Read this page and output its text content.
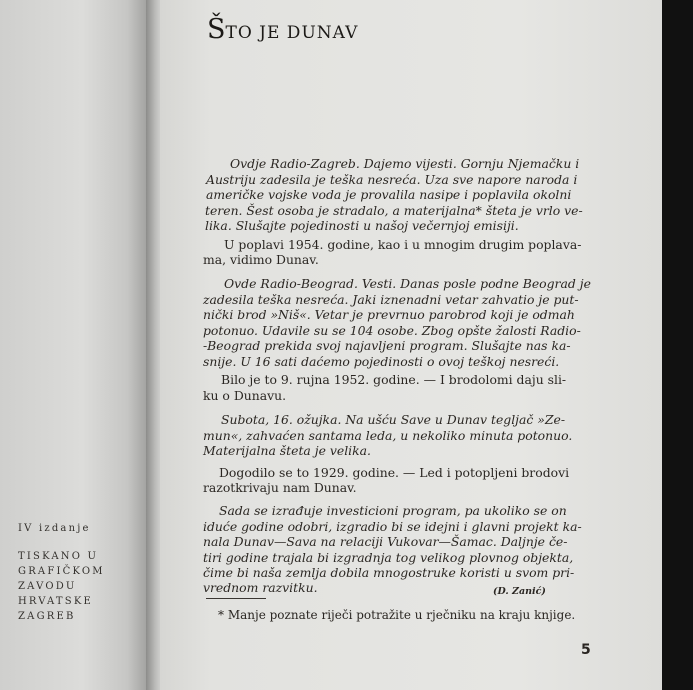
IV izdanje
TISKANO U
GRAFIČKOM
ZAVODU
HRVATSKE
ZAGREB
ŠTO JE DUNAV
Ovdje Radio-Zagreb. Dajemo vijesti. Gornju Njemačku i
Austriju zadesila je teška nesreća. Uza sve napore naroda i
američke vojske voda je provalila nasipe i poplavila okolni
teren. Šest osoba je stradalo, a materijalna* šteta je vrlo ve-
lika. Slušajte pojedinosti u našoj večernjoj emisiji.
U poplavi 1954. godine, kao i u mnogim drugim poplava-
ma, vidimo Dunav.
Ovde Radio-Beograd. Vesti. Danas posle podne Beograd je
zadesila teška nesreća. Jaki iznenadni vetar zahvatio je put-
nički brod »Niš«. Vetar je prevrnuo parobrod koji je odmah
potonuo. Udavile su se 104 osobe. Zbog opšte žalosti Radio-
-Beograd prekida svoj najavljeni program. Slušajte nas ka-
snije. U 16 sati daćemo pojedinosti o ovoj teškoj nesreći.
Bilo je to 9. rujna 1952. godine. — I brodolomi daju sli-
ku o Dunavu.
Subota, 16. ožujka. Na ušću Save u Dunav tegljač »Ze-
mun«, zahvaćen santama leda, u nekoliko minuta potonuo.
Materijalna šteta je velika.
Dogodilo se to 1929. godine. — Led i potopljeni brodovi
razotkrivaju nam Dunav.
Sada se izrađuje investicioni program, pa ukoliko se on
iduće godine odobri, izgradio bi se idejni i glavni projekt ka-
nala Dunav—Sava na relaciji Vukovar—Šamac. Daljnje če-
tiri godine trajala bi izgradnja tog velikog plovnog objekta,
čime bi naša zemlja dobila mnogostruke koristi u svom pri-
vrednom razvitku.	(D. Zanić)
* Manje poznate riječi potražite u rječniku na kraju knjige.
5
